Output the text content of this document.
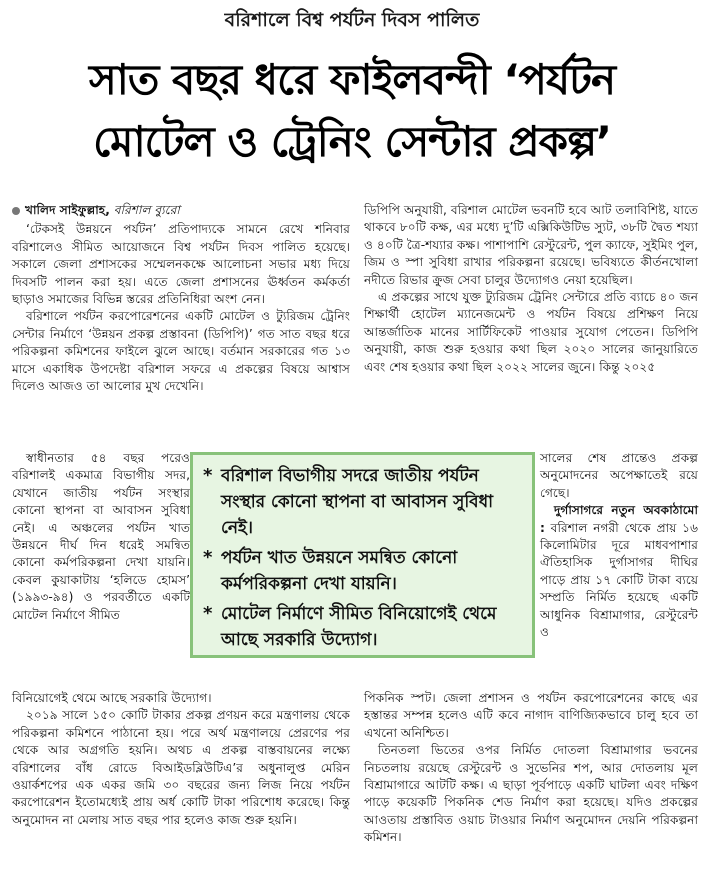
বরিশালে বিশ্ব পর্যটন দিবস পালিত
সাত বছর ধরে ফাইলবন্দী ‘পর্যটন
মোটেল ও ট্রেনিং সেন্টার প্রকল্প’

খালিদ সাইফুল্লাহ, বরিশাল ব্যুরো

‘টেকসই উন্নয়নে পর্যটন’ প্রতিপাদ্যকে সামনে রেখে শনিবার বরিশালেও সীমিত আয়োজনে বিশ্ব পর্যটন দিবস পালিত হয়েছে। সকালে জেলা প্রশাসকের সম্মেলনকক্ষে আলোচনা সভার মধ্য দিয়ে দিবসটি পালন করা হয়। এতে জেলা প্রশাসনের ঊর্ধ্বতন কর্মকর্তা ছাড়াও সমাজের বিভিন্ন স্তরের প্রতিনিধিরা অংশ নেন।

বরিশালে পর্যটন করপোরেশনের একটি মোটেল ও ট্যুরিজম ট্রেনিং সেন্টার নির্মাণে ‘উন্নয়ন প্রকল্প প্রস্তাবনা (ডিপিপি)’ গত সাত বছর ধরে পরিকল্পনা কমিশনের ফাইলে ঝুলে আছে। বর্তমান সরকারের গত ১৩ মাসে একাধিক উপদেষ্টা বরিশাল সফরে এ প্রকল্পের বিষয়ে আশ্বাস দিলেও আজও তা আলোর মুখ দেখেনি।

স্বাধীনতার ৫৪ বছর পরেও বরিশালই একমাত্র বিভাগীয় সদর, যেখানে জাতীয় পর্যটন সংস্থার কোনো স্থাপনা বা আবাসন সুবিধা নেই। এ অঞ্চলের পর্যটন খাত উন্নয়নে দীর্ঘ দিন ধরেই সমন্বিত কোনো কর্মপরিকল্পনা দেখা যায়নি। কেবল কুয়াকাটায় ‘হলিডে হোমস’ (১৯৯৩-৯৪) ও পরবর্তীতে একটি মোটেল নির্মাণে সীমিত

* বরিশাল বিভাগীয় সদরে জাতীয় পর্যটন সংস্থার কোনো স্থাপনা বা আবাসন সুবিধা নেই।
* পর্যটন খাত উন্নয়নে সমন্বিত কোনো কর্মপরিকল্পনা দেখা যায়নি।
* মোটেল নির্মাণে সীমিত বিনিয়োগেই থেমে আছে সরকারি উদ্যোগ।

ডিপিপি অনুযায়ী, বরিশাল মোটেল ভবনটি হবে আট তলাবিশিষ্ট, যাতে থাকবে ৮০টি কক্ষ, এর মধ্যে দু’টি এক্সিকিউটিভ স্যুট, ৩৮টি দ্বৈত শয্যা ও ৪০টি ত্রৈ-শয্যার কক্ষ। পাশাপাশি রেস্টুরেন্ট, পুল ক্যাফে, সুইমিং পুল, জিম ও স্পা সুবিধা রাখার পরিকল্পনা রয়েছে। ভবিষ্যতে কীর্তনখোলা নদীতে রিভার ক্রুজ সেবা চালুর উদ্যোগও নেয়া হয়েছিল।

এ প্রকল্পের সাথে যুক্ত ট্যুরিজম ট্রেনিং সেন্টারে প্রতি ব্যাচে ৪০ জন শিক্ষার্থী হোটেল ম্যানেজমেন্ট ও পর্যটন বিষয়ে প্রশিক্ষণ নিয়ে আন্তর্জাতিক মানের সার্টিফিকেট পাওয়ার সুযোগ পেতেন। ডিপিপি অনুযায়ী, কাজ শুরু হওয়ার কথা ছিল ২০২০ সালের জানুয়ারিতে এবং শেষ হওয়ার কথা ছিল ২০২২ সালের জুনে। কিন্তু ২০২৫

সালের শেষ প্রান্তেও প্রকল্প অনুমোদনের অপেক্ষাতেই রয়ে গেছে।

দুর্গাসাগরে নতুন অবকাঠামো : বরিশাল নগরী থেকে প্রায় ১৬ কিলোমিটার দূরে মাধবপাশার ঐতিহাসিক দুর্গাসাগর দীঘির পাড়ে প্রায় ১৭ কোটি টাকা ব্যয়ে সম্প্রতি নির্মিত হয়েছে একটি আধুনিক বিশ্রামাগার, রেস্টুরেন্ট ও

বিনিয়োগেই থেমে আছে সরকারি উদ্যোগ।

২০১৯ সালে ১৫০ কোটি টাকার প্রকল্প প্রণয়ন করে মন্ত্রণালয় থেকে পরিকল্পনা কমিশনে পাঠানো হয়। পরে অর্থ মন্ত্রণালয়ে প্রেরণের পর থেকে আর অগ্রগতি হয়নি। অথচ এ প্রকল্প বাস্তবায়নের লক্ষ্যে বরিশালের বাঁধ রোডে বিআইডব্লিউটিএ’র অধুনালুপ্ত মেরিন ওয়ার্কশপের এক একর জমি ৩০ বছরের জন্য লিজ নিয়ে পর্যটন করপোরেশন ইতোমধ্যেই প্রায় অর্ধ কোটি টাকা পরিশোধ করেছে। কিন্তু অনুমোদন না মেলায় সাত বছর পার হলেও কাজ শুরু হয়নি।

পিকনিক স্পট। জেলা প্রশাসন ও পর্যটন করপোরেশনের কাছে এর হস্তান্তর সম্পন্ন হলেও এটি কবে নাগাদ বাণিজ্যিকভাবে চালু হবে তা এখনো অনিশ্চিত।

তিনতলা ভিতের ওপর নির্মিত দোতলা বিশ্রামাগার ভবনের নিচতলায় রয়েছে রেস্টুরেন্ট ও সুভেনির শপ, আর দোতলায় মূল বিশ্রামাগারে আটটি কক্ষ। এ ছাড়া পূর্বপাড়ে একটি ঘাটলা এবং দক্ষিণ পাড়ে কয়েকটি পিকনিক শেড নির্মাণ করা হয়েছে। যদিও প্রকল্পের আওতায় প্রস্তাবিত ওয়াচ টাওয়ার নির্মাণ অনুমোদন দেয়নি পরিকল্পনা কমিশন।
